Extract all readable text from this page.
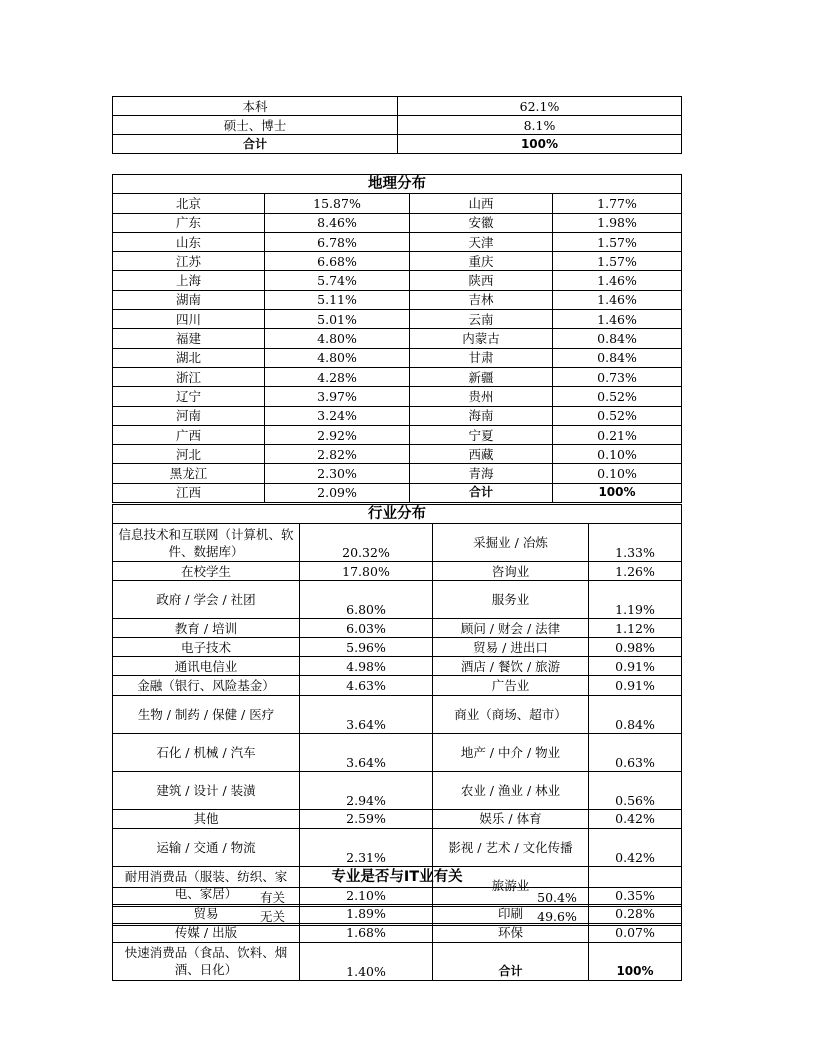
本科	62.1%
硕士、博士	8.1%
合计	100%
地理分布			
北京	15.87%	山西	1.77%
广东	8.46%	安徽	1.98%
山东	6.78%	天津	1.57%
江苏	6.68%	重庆	1.57%
上海	5.74%	陕西	1.46%
湖南	5.11%	吉林	1.46%
四川	5.01%	云南	1.46%
福建	4.80%	内蒙古	0.84%
湖北	4.80%	甘肃	0.84%
浙江	4.28%	新疆	0.73%
辽宁	3.97%	贵州	0.52%
河南	3.24%	海南	0.52%
广西	2.92%	宁夏	0.21%
河北	2.82%	西藏	0.10%
黑龙江	2.30%	青海	0.10%
江西	2.09%	合计	100%
行业分布			
信息技术和互联网（计算机、软件、数据库）	20.32%	采掘业 / 冶炼	1.33%
在校学生	17.80%	咨询业	1.26%
政府 / 学会 / 社团	6.80%	服务业	1.19%
教育 / 培训	6.03%	顾问 / 财会 / 法律	1.12%
电子技术	5.96%	贸易 / 进出口	0.98%
通讯电信业	4.98%	酒店 / 餐饮 / 旅游	0.91%
金融（银行、风险基金）	4.63%	广告业	0.91%
生物 / 制药 / 保健 / 医疗	3.64%	商业（商场、超市）	0.84%
石化 / 机械 / 汽车	3.64%	地产 / 中介 / 物业	0.63%
建筑 / 设计 / 装潢	2.94%	农业 / 渔业 / 林业	0.56%
其他	2.59%	娱乐 / 体育	0.42%
运输 / 交通 / 物流	2.31%	影视 / 艺术 / 文化传播	0.42%
耐用消费品（服装、纺织、家电、家居）	2.10%	旅游业	0.35%
贸易	1.89%	印刷	0.28%
传媒 / 出版	1.68%	环保	0.07%
快速消费品（食品、饮料、烟酒、日化）	1.40%	合计	100%
专业是否与IT业有关	
有关	50.4%
无关	49.6%
